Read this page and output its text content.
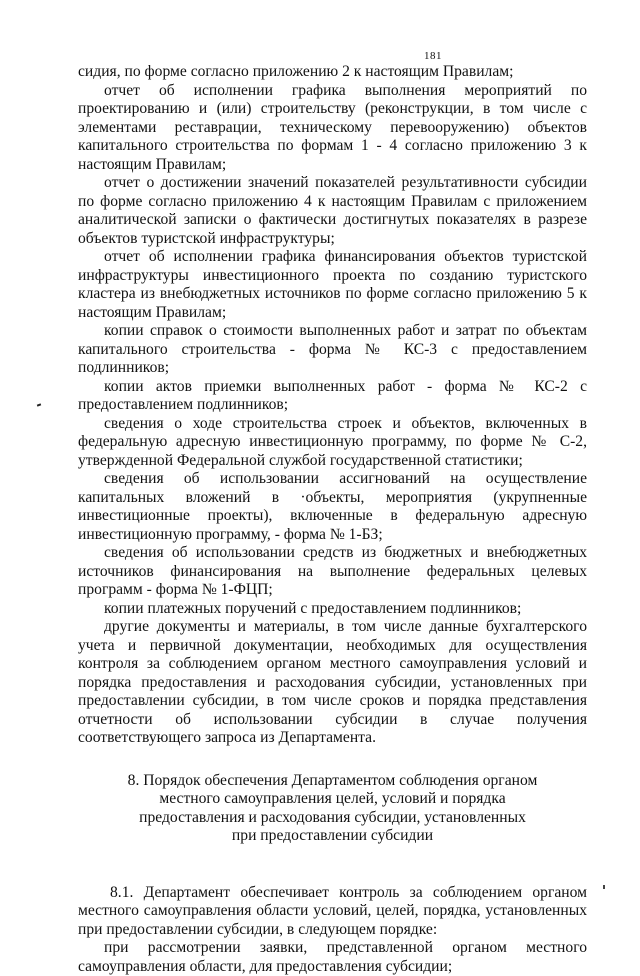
181

сидия, по форме согласно приложению 2 к настоящим Правилам;

отчет об исполнении графика выполнения мероприятий по проектированию и (или) строительству (реконструкции, в том числе с элементами реставрации, техническому перевооружению) объектов капитального строительства по формам 1 - 4 согласно приложению 3 к настоящим Правилам;

отчет о достижении значений показателей результативности субсидии по форме согласно приложению 4 к настоящим Правилам с приложением аналитической записки о фактически достигнутых показателях в разрезе объектов туристской инфраструктуры;

отчет об исполнении графика финансирования объектов туристской инфраструктуры инвестиционного проекта по созданию туристского кластера из внебюджетных источников по форме согласно приложению 5 к настоящим Правилам;

копии справок о стоимости выполненных работ и затрат по объектам капитального строительства - форма № КС-3 с предоставлением подлинников;

копии актов приемки выполненных работ - форма № КС-2 с предоставлением подлинников;

сведения о ходе строительства строек и объектов, включенных в федеральную адресную инвестиционную программу, по форме № С-2, утвержденной Федеральной службой государственной статистики;

сведения об использовании ассигнований на осуществление капитальных вложений в ·объекты, мероприятия (укрупненные инвестиционные проекты), включенные в федеральную адресную инвестиционную программу, - форма № 1-БЗ;

сведения об использовании средств из бюджетных и внебюджетных источников финансирования на выполнение федеральных целевых программ - форма № 1-ФЦП;

копии платежных поручений с предоставлением подлинников;

другие документы и материалы, в том числе данные бухгалтерского учета и первичной документации, необходимых для осуществления контроля за соблюдением органом местного самоуправления условий и порядка предоставления и расходования субсидии, установленных при предоставлении субсидии, в том числе сроков и порядка представления отчетности об использовании субсидии в случае получения соответствующего запроса из Департамента.

8. Порядок обеспечения Департаментом соблюдения органом
местного самоуправления целей, условий и порядка
предоставления и расходования субсидии, установленных
при предоставлении субсидии

8.1. Департамент обеспечивает контроль за соблюдением органом местного самоуправления области условий, целей, порядка, установленных при предоставлении субсидии, в следующем порядке:

при рассмотрении заявки, представленной органом местного самоуправления области, для предоставления субсидии;
